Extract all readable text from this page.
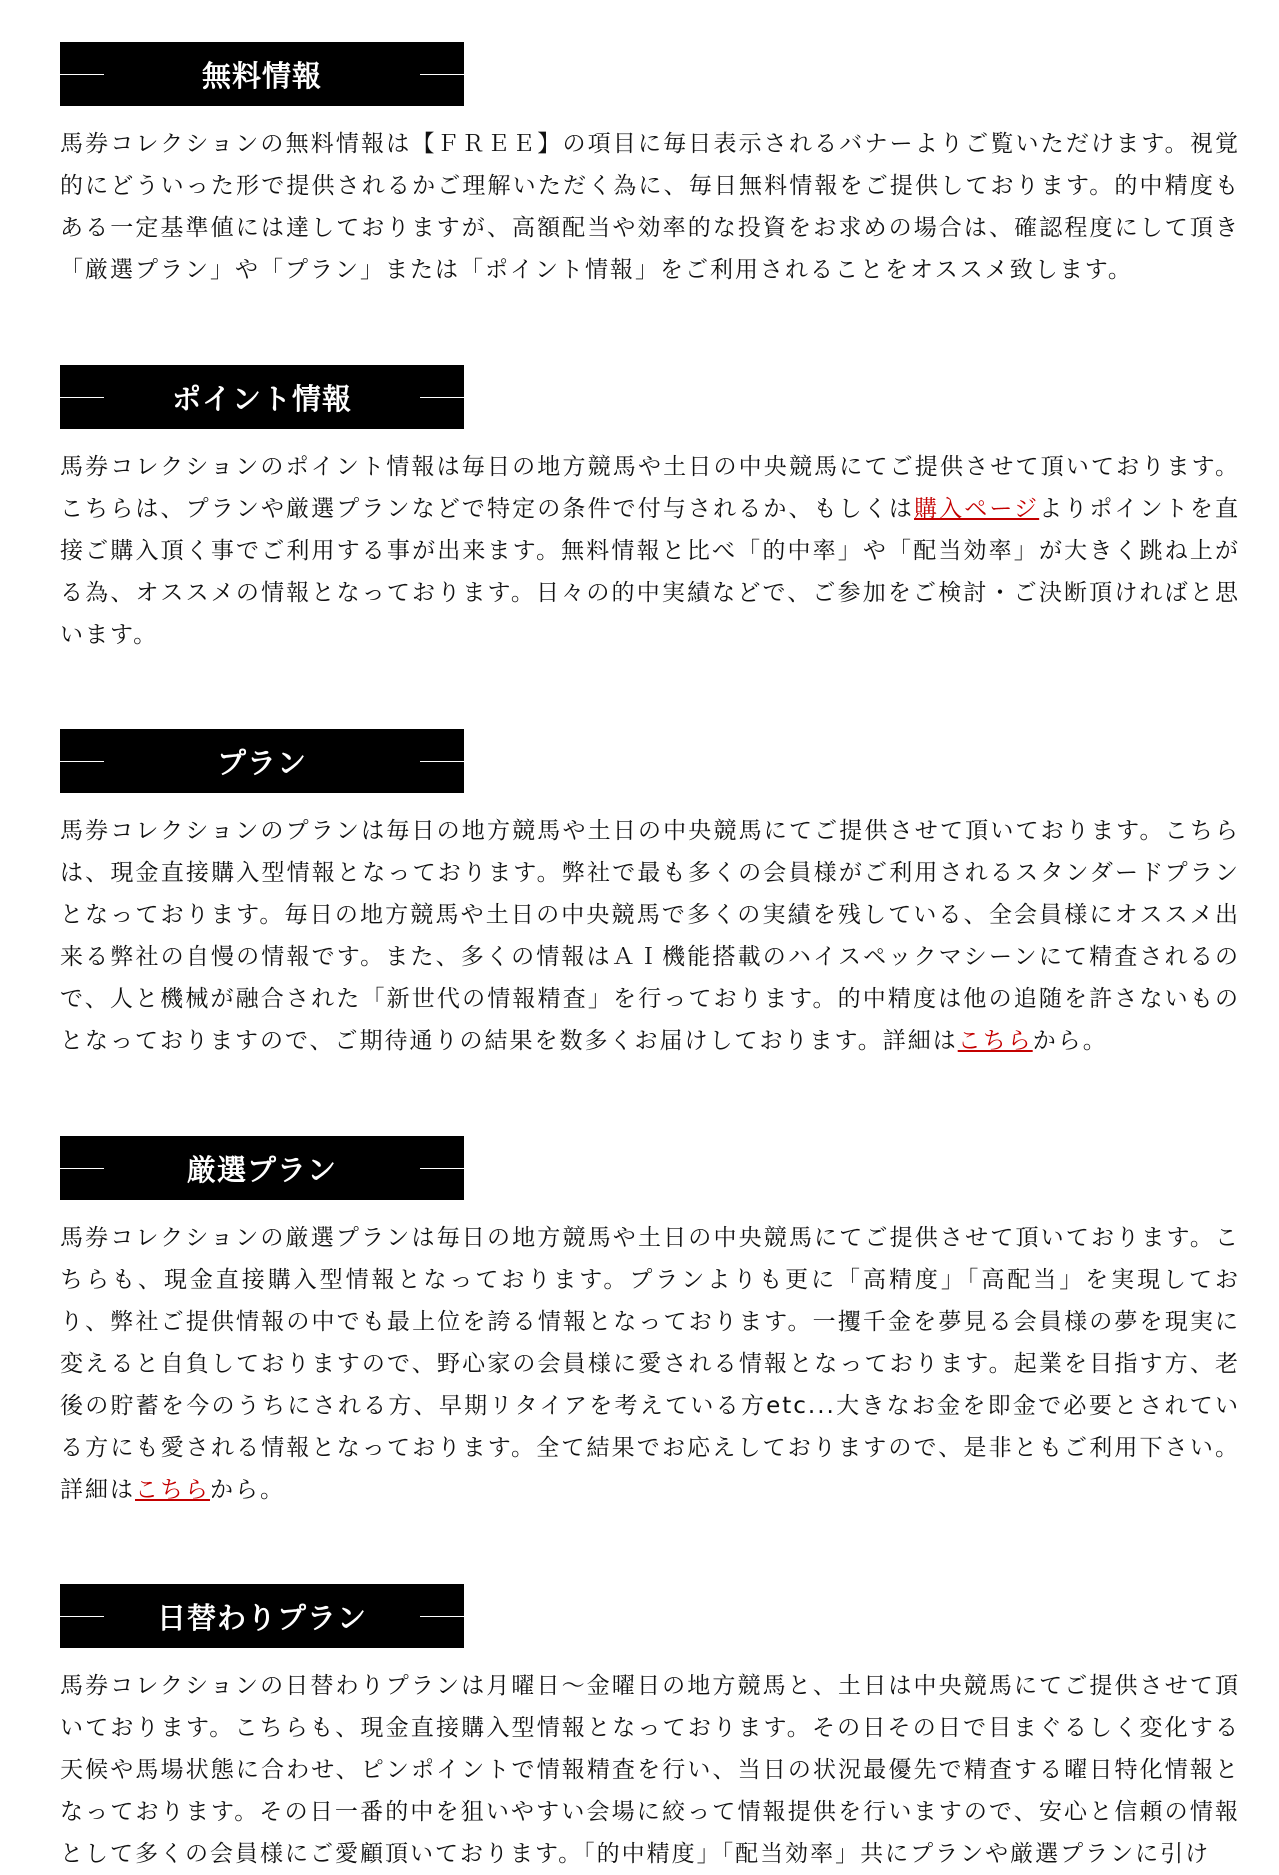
無料情報

馬券コレクションの無料情報は【ＦＲＥＥ】の項目に毎日表示されるバナーよりご覧いただけます。視覚的にどういった形で提供されるかご理解いただく為に、毎日無料情報をご提供しております。的中精度もある一定基準値には達しておりますが、高額配当や効率的な投資をお求めの場合は、確認程度にして頂き「厳選プラン」や「プラン」または「ポイント情報」をご利用されることをオススメ致します。

ポイント情報

馬券コレクションのポイント情報は毎日の地方競馬や土日の中央競馬にてご提供させて頂いております。こちらは、プランや厳選プランなどで特定の条件で付与されるか、もしくは購入ページよりポイントを直接ご購入頂く事でご利用する事が出来ます。無料情報と比べ「的中率」や「配当効率」が大きく跳ね上がる為、オススメの情報となっております。日々の的中実績などで、ご参加をご検討・ご決断頂ければと思います。

プラン

馬券コレクションのプランは毎日の地方競馬や土日の中央競馬にてご提供させて頂いております。こちらは、現金直接購入型情報となっております。弊社で最も多くの会員様がご利用されるスタンダードプランとなっております。毎日の地方競馬や土日の中央競馬で多くの実績を残している、全会員様にオススメ出来る弊社の自慢の情報です。また、多くの情報はＡＩ機能搭載のハイスペックマシーンにて精査されるので、人と機械が融合された「新世代の情報精査」を行っております。的中精度は他の追随を許さないものとなっておりますので、ご期待通りの結果を数多くお届けしております。詳細はこちらから。

厳選プラン

馬券コレクションの厳選プランは毎日の地方競馬や土日の中央競馬にてご提供させて頂いております。こちらも、現金直接購入型情報となっております。プランよりも更に「高精度」「高配当」を実現しており、弊社ご提供情報の中でも最上位を誇る情報となっております。一攫千金を夢見る会員様の夢を現実に変えると自負しておりますので、野心家の会員様に愛される情報となっております。起業を目指す方、老後の貯蓄を今のうちにされる方、早期リタイアを考えている方etc...大きなお金を即金で必要とされている方にも愛される情報となっております。全て結果でお応えしておりますので、是非ともご利用下さい。詳細はこちらから。

日替わりプラン

馬券コレクションの日替わりプランは月曜日〜金曜日の地方競馬と、土日は中央競馬にてご提供させて頂いております。こちらも、現金直接購入型情報となっております。その日その日で目まぐるしく変化する天候や馬場状態に合わせ、ピンポイントで情報精査を行い、当日の状況最優先で精査する曜日特化情報となっております。その日一番的中を狙いやすい会場に絞って情報提供を行いますので、安心と信頼の情報として多くの会員様にご愛顧頂いております。「的中精度」「配当効率」共にプランや厳選プランに引け
